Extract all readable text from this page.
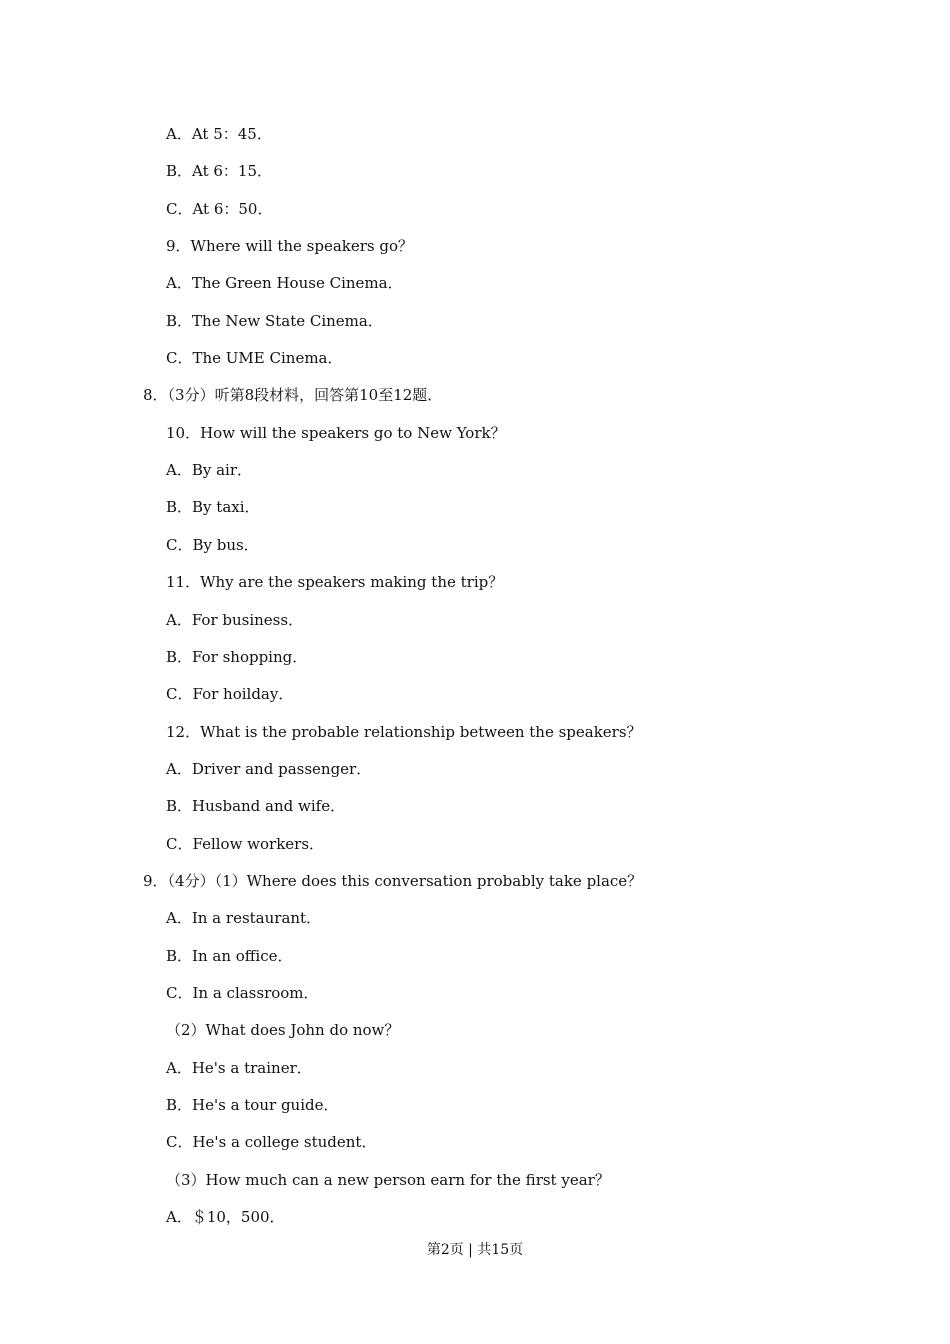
A．At 5：45．
B．At 6：15．
C．At 6：50．
9．Where will the speakers go？
A．The Green House Cinema．
B．The New State Cinema．
C．The UME Cinema．
8．（3分）听第8段材料，回答第10至12题．
10．How will the speakers go to New York？
A．By air．
B．By taxi．
C．By bus．
11．Why are the speakers making the trip？
A．For business．
B．For shopping．
C．For hoilday．
12．What is the probable relationship between the speakers？
A．Driver and passenger．
B．Husband and wife．
C．Fellow workers．
9．（4分）（1）Where does this conversation probably take place？
A．In a restaurant．
B．In an office．
C．In a classroom．
（2）What does John do now？
A．He's a trainer．
B．He's a tour guide．
C．He's a college student．
（3）How much can a new person earn for the first year？
A．＄10，500．
第2页 | 共15页
